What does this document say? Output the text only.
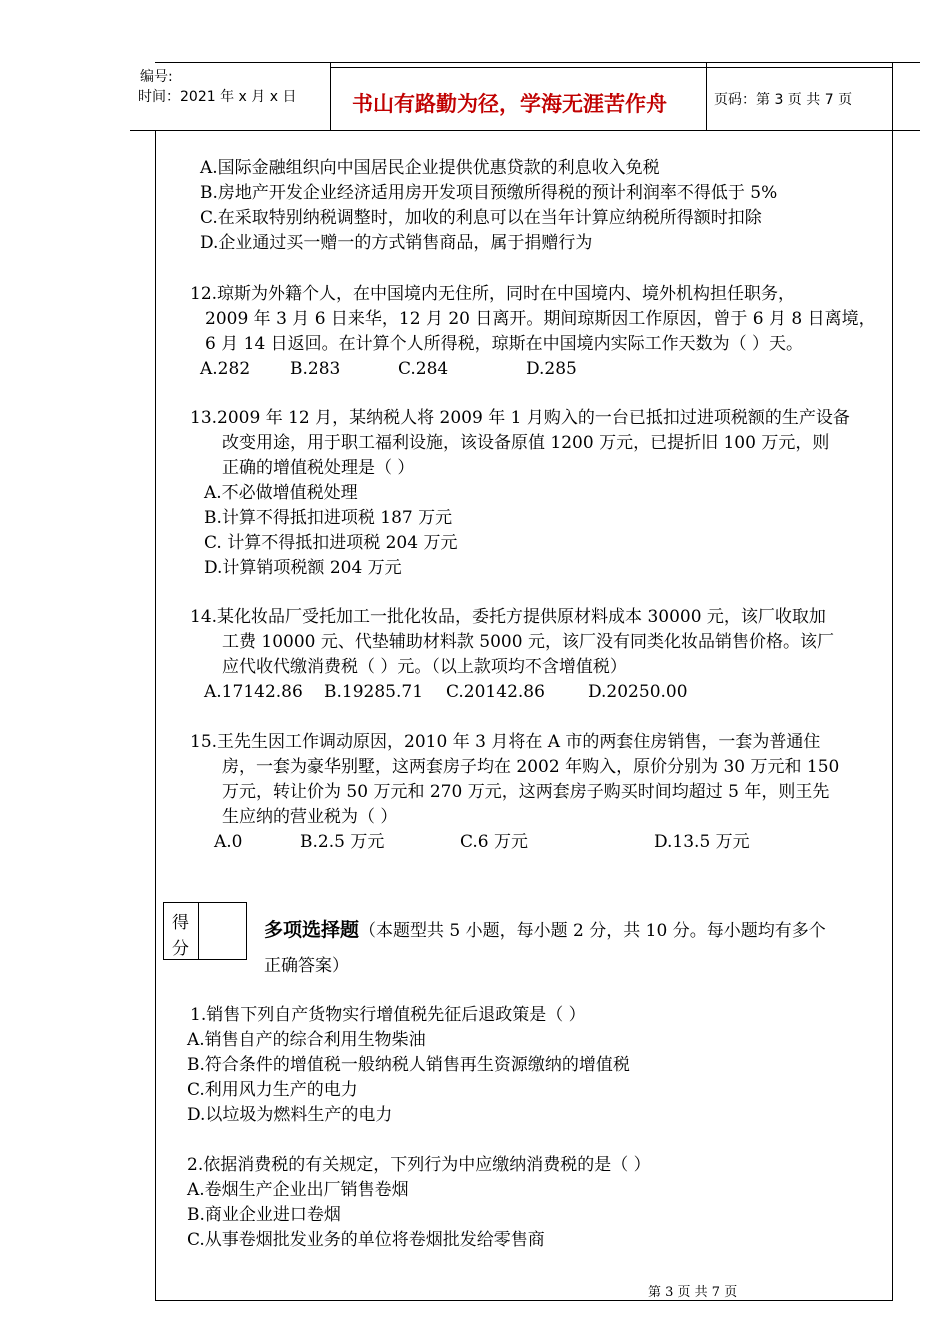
编号:
时间：2021 年 x 月 x 日	书山有路勤为径，学海无涯苦作舟	页码：第 3 页 共 7 页
A.国际金融组织向中国居民企业提供优惠贷款的利息收入免税
B.房地产开发企业经济适用房开发项目预缴所得税的预计利润率不得低于 5%
C.在采取特别纳税调整时，加收的利息可以在当年计算应纳税所得额时扣除
D.企业通过买一赠一的方式销售商品，属于捐赠行为
12.琼斯为外籍个人，在中国境内无住所，同时在中国境内、境外机构担任职务，
2009 年 3 月 6 日来华，12 月 20 日离开。期间琼斯因工作原因，曾于 6 月 8 日离境，
6 月 14 日返回。在计算个人所得税，琼斯在中国境内实际工作天数为（ ）天。
A.282 B.283	C.284	D.285
13.2009 年 12 月，某纳税人将 2009 年 1 月购入的一台已抵扣过进项税额的生产设备
改变用途，用于职工福利设施，该设备原值 1200 万元，已提折旧 100 万元，则
正确的增值税处理是（ ）
A.不必做增值税处理
B.计算不得抵扣进项税 187 万元
C. 计算不得抵扣进项税 204 万元
D.计算销项税额 204 万元
14.某化妆品厂受托加工一批化妆品，委托方提供原材料成本 30000 元，该厂收取加
工费 10000 元、代垫辅助材料款 5000 元，该厂没有同类化妆品销售价格。该厂
应代收代缴消费税（ ）元。（以上款项均不含增值税）
A.17142.86 B.19285.71 C.20142.86	D.20250.00
15.王先生因工作调动原因，2010 年 3 月将在 A 市的两套住房销售，一套为普通住
房，一套为豪华别墅，这两套房子均在 2002 年购入，原价分别为 30 万元和 150
万元，转让价为 50 万元和 270 万元，这两套房子购买时间均超过 5 年，则王先
生应纳的营业税为（ ）
A.0	B.2.5 万元	C.6 万元	D.13.5 万元
得
分
多项选择题（本题型共 5 小题，每小题 2 分，共 10 分。每小题均有多个
正确答案）
1.销售下列自产货物实行增值税先征后退政策是（ ）
A.销售自产的综合利用生物柴油
B.符合条件的增值税一般纳税人销售再生资源缴纳的增值税
C.利用风力生产的电力
D.以垃圾为燃料生产的电力
2.依据消费税的有关规定，下列行为中应缴纳消费税的是（ ）
A.卷烟生产企业出厂销售卷烟
B.商业企业进口卷烟
C.从事卷烟批发业务的单位将卷烟批发给零售商
第 3 页 共 7 页
